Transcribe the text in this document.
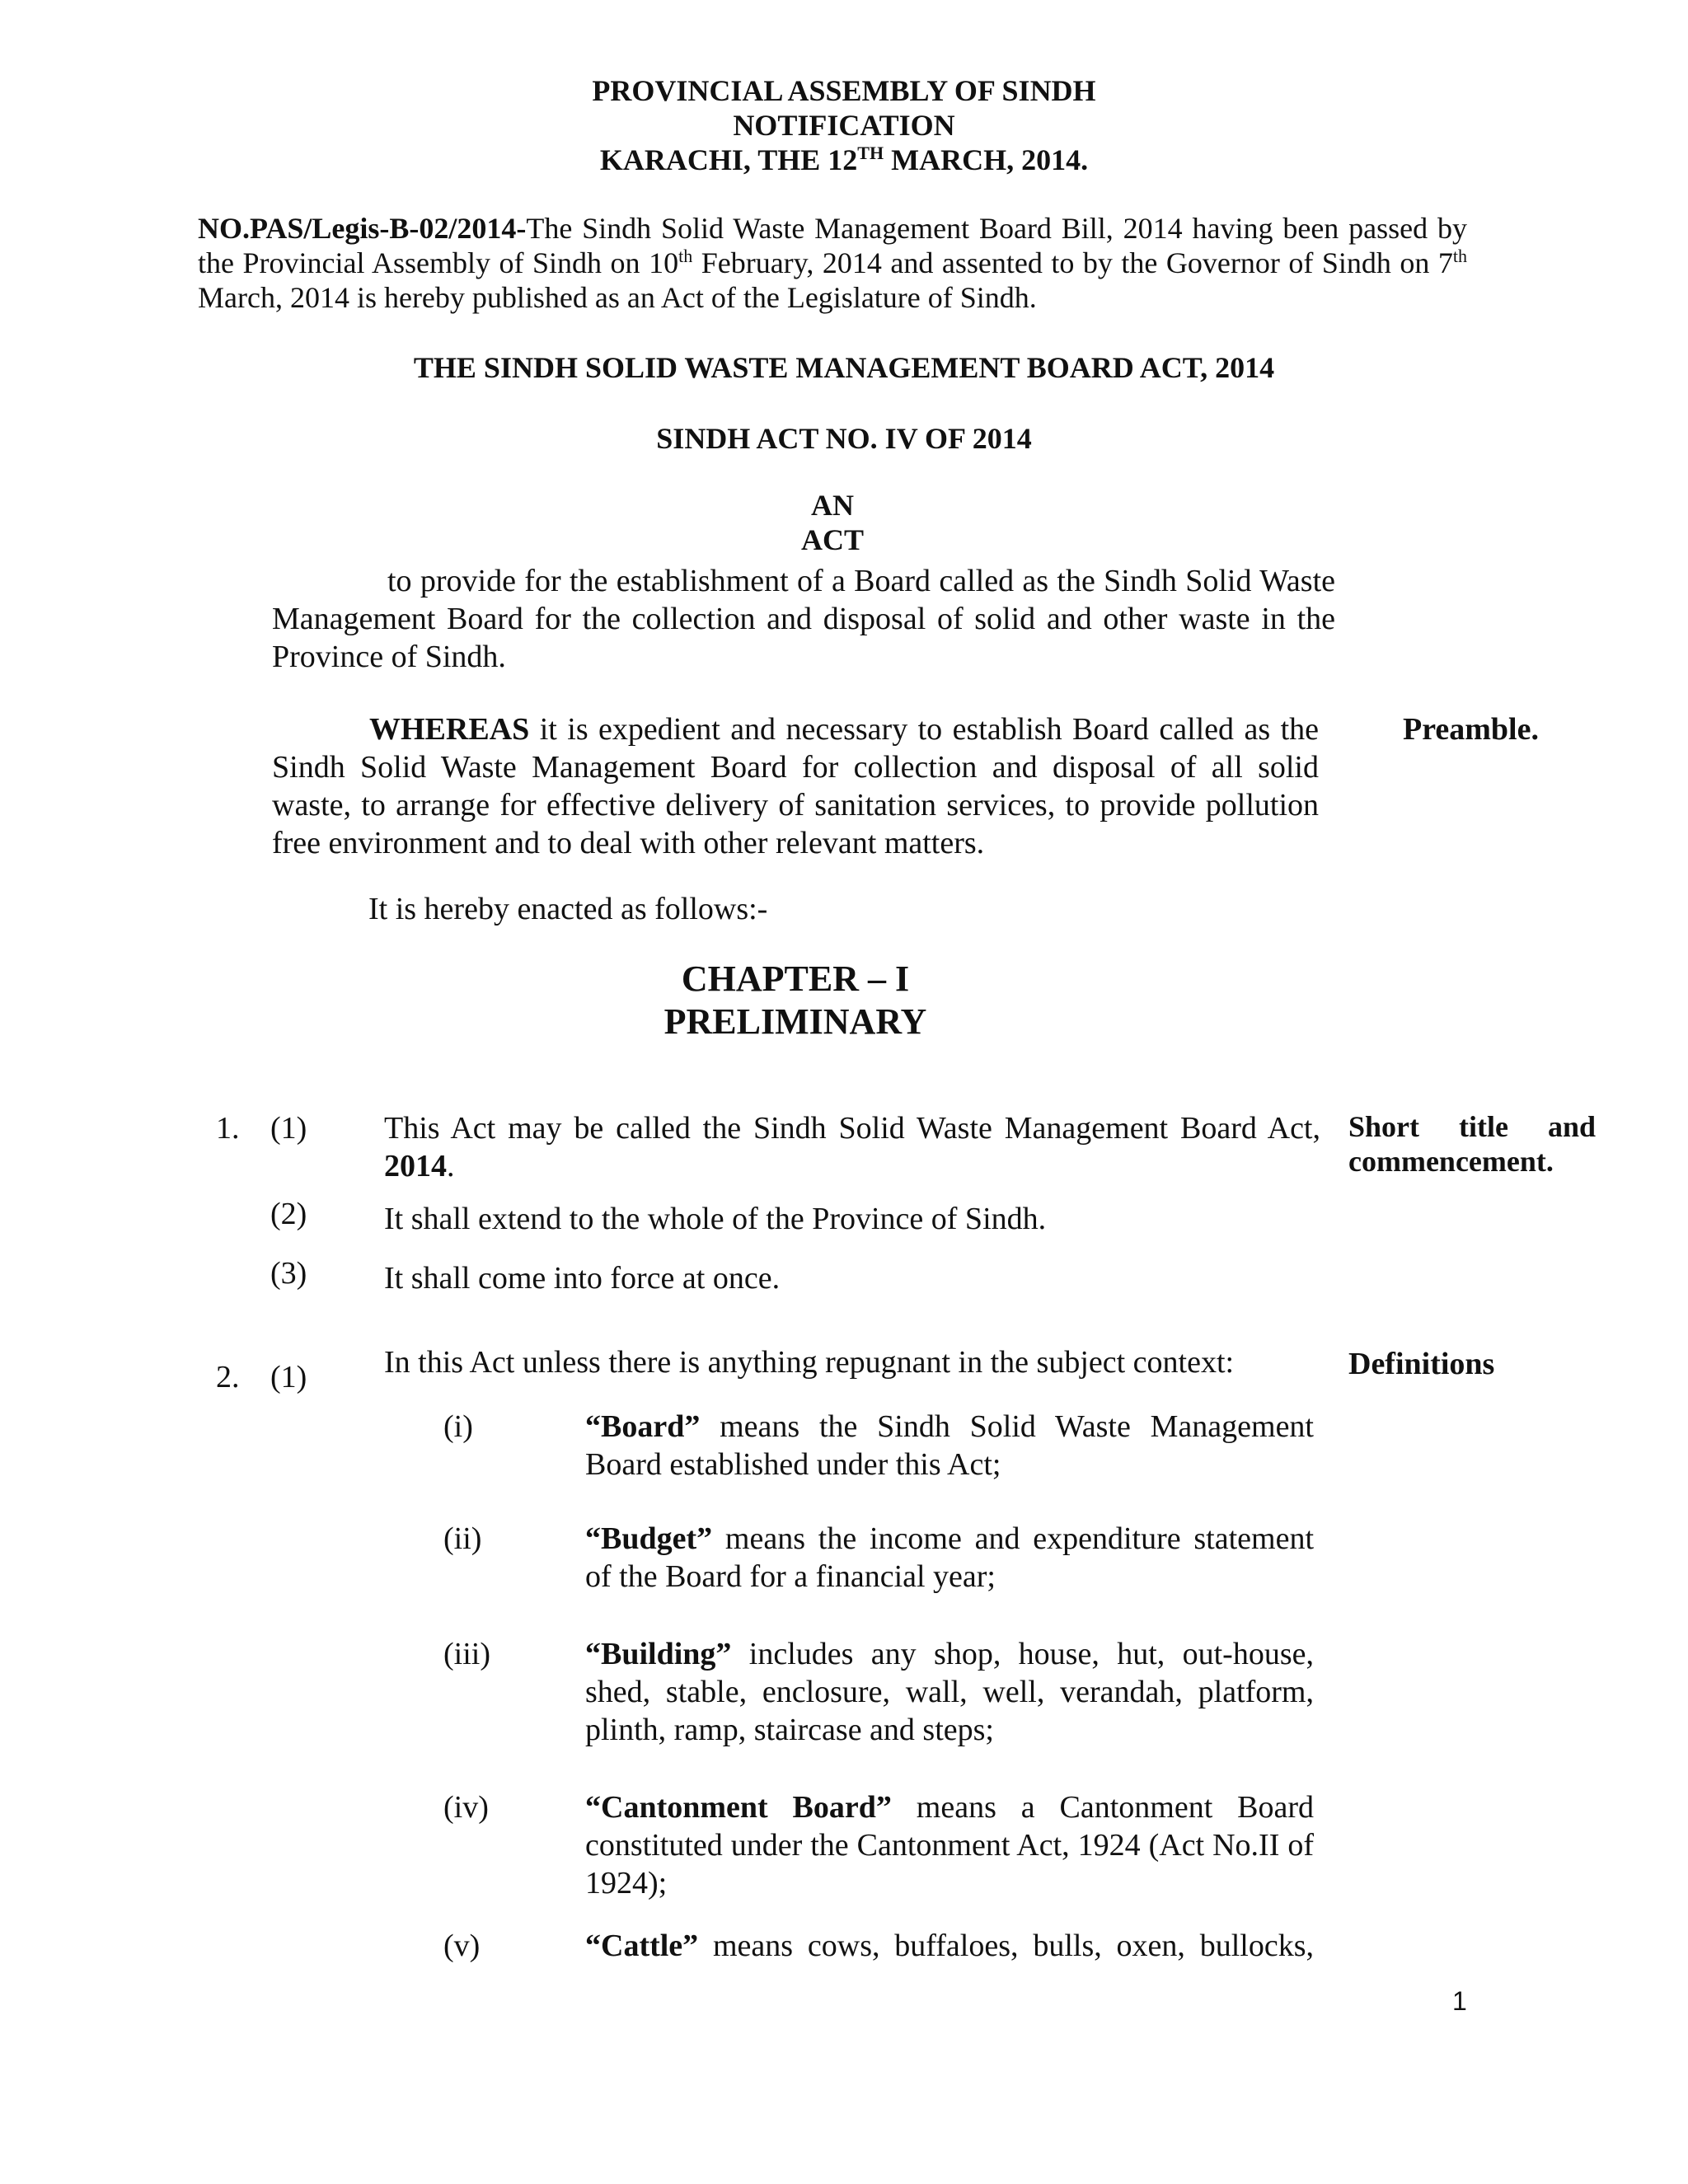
PROVINCIAL ASSEMBLY OF SINDH
NOTIFICATION
KARACHI, THE 12TH MARCH, 2014.
NO.PAS/Legis-B-02/2014-The Sindh Solid Waste Management Board Bill, 2014 having been passed by the Provincial Assembly of Sindh on 10th February, 2014 and assented to by the Governor of Sindh on 7th March, 2014 is hereby published as an Act of the Legislature of Sindh.
THE SINDH SOLID WASTE MANAGEMENT BOARD ACT, 2014
SINDH ACT NO. IV OF 2014
AN
ACT
to provide for the establishment of a Board called as the Sindh Solid Waste Management Board for the collection and disposal of solid and other waste in the Province of Sindh.
WHEREAS it is expedient and necessary to establish Board called as the Sindh Solid Waste Management Board for collection and disposal of all solid waste, to arrange for effective delivery of sanitation services, to provide pollution free environment and to deal with other relevant matters.
Preamble.
It is hereby enacted as follows:-
CHAPTER – I
PRELIMINARY
1. (1) This Act may be called the Sindh Solid Waste Management Board Act, 2014.
Short title and
commencement.
(2) It shall extend to the whole of the Province of Sindh.
(3) It shall come into force at once.
2. (1) In this Act unless there is anything repugnant in the subject context:	Definitions
(i)	“Board” means the Sindh Solid Waste Management Board established under this Act;
(ii)	“Budget” means the income and expenditure statement of the Board for a financial year;
(iii)	“Building” includes any shop, house, hut, out-house, shed, stable, enclosure, wall, well, verandah, platform, plinth, ramp, staircase and steps;
(iv)	“Cantonment Board” means a Cantonment Board constituted under the Cantonment Act, 1924 (Act No.II of 1924);
(v)	“Cattle” means cows, buffaloes, bulls, oxen, bullocks,
1
